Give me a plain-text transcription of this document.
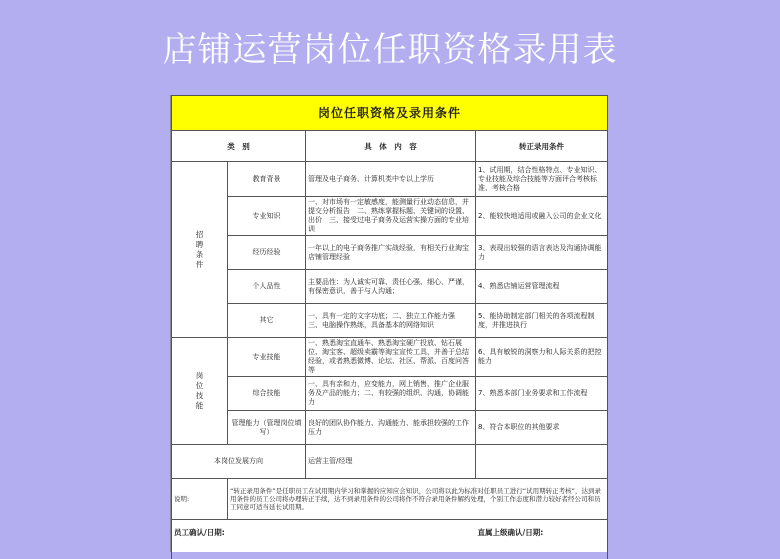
店铺运营岗位任职资格录用表
岗位任职资格及录用条件			
类　别		具　体　内　容	转正录用条件

招聘条件	教育背景	管理及电子商务、计算机类中专以上学历	1、试用期，结合性格特点、专业知识、专业技能及综合技能等方面评合考核标准、考核合格
	专业知识	一、对市场有一定敏感度，能测量行业动态信息，并提交分析报告　二、熟练掌握标题、关键词的设置、出价　三、接受过电子商务及运营实操方面的专业培训	2、能较快地适用或融入公司的企业文化
	经历经验	一年以上的电子商务推广实战经验，有相关行业淘宝店铺管理经验	3、表现出较强的语言表达及沟通协调能力
	个人品性	主要品性：为人诚实可靠、责任心强、细心、严谨，有保密意识，善于与人沟通；	4、熟悉店铺运营管理流程
	其它	一、具有一定的文字功底；二、独立工作能力强　三、电脑操作熟练，具备基本的网络知识	5、能协助制定部门相关的各项流程制度，并推进执行

岗位技能	专业技能	一、熟悉淘宝直通车、熟悉淘宝硬广投放、钻石展位、淘宝客、超级卖霸等淘宝宣传工具，并善于总结经验，或者熟悉微博、论坛、社区、帮派、百度问答等	6、具有敏锐的洞察力和人际关系的把控能力
	综合技能	一、具有亲和力，应变能力，网上销售，推广企业服务及产品的能力；二、有较强的组织、沟通、协调能力	7、熟悉本部门业务要求和工作流程
	管理能力（管理岗位填写）	良好的团队协作能力、沟通能力、能承担较强的工作压力	8、符合本职位的其他要求
本岗位发展方向		运营主管/经理	
说明:	“转正录用条件”是任职员工在试用期内学习和掌握的应知应会知识，公司将以此为标准对任职员工进行“试用期转正考核”，达到录用条件的员工公司将办理转正手续，达不到录用条件的公司将作不符合录用条件解约处理，个别工作态度和潜力较好者经公司和员工同意可适当延长试用期。		
员工确认/日期:			直属上级确认/日期:
